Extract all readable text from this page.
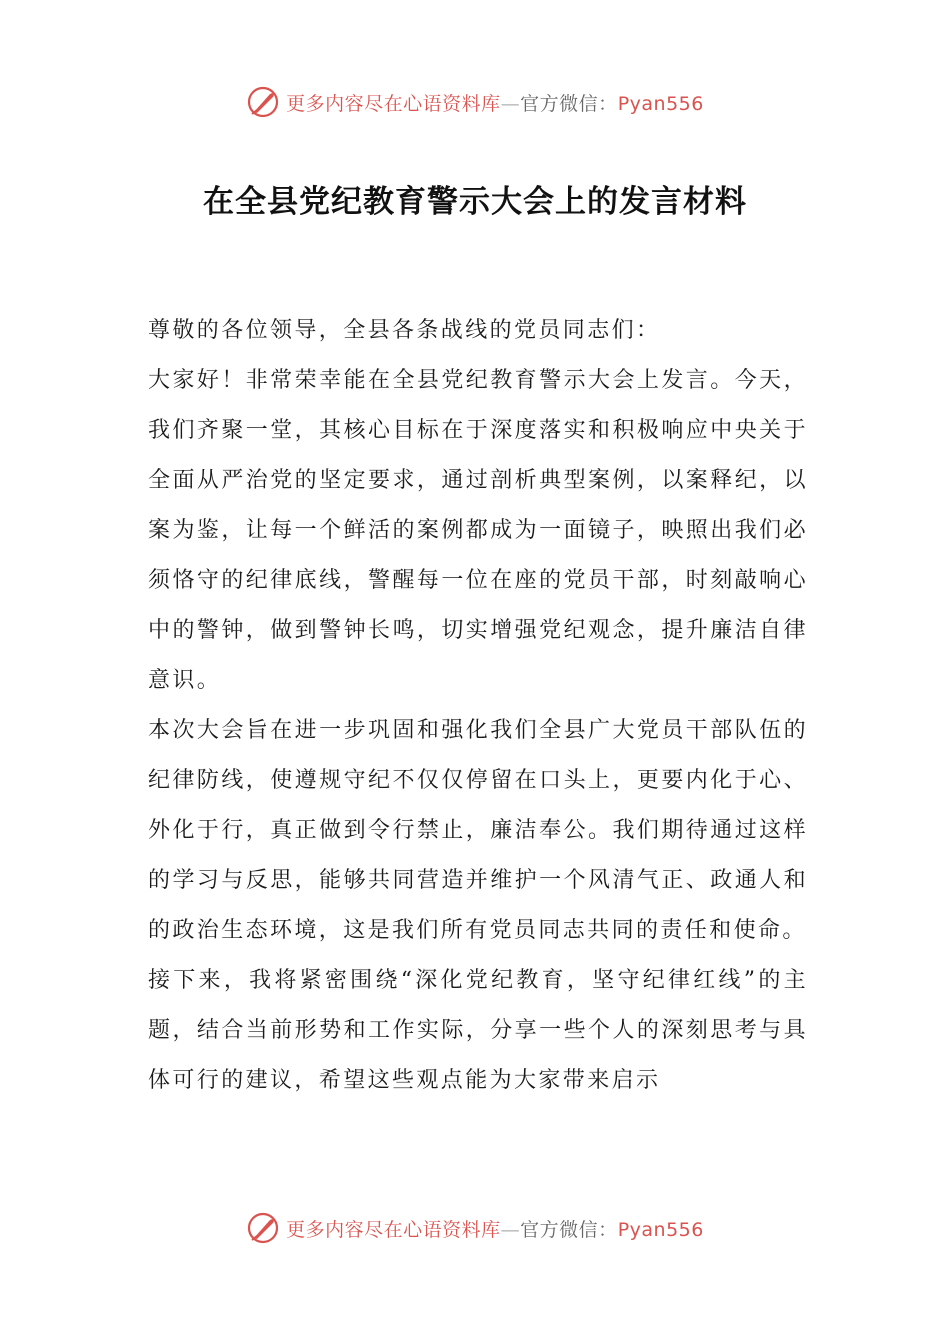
更多内容尽在心语资料库—官方微信：Pyan556
在全县党纪教育警示大会上的发言材料

尊敬的各位领导，全县各条战线的党员同志们：

大家好！非常荣幸能在全县党纪教育警示大会上发言。今天，我们齐聚一堂，其核心目标在于深度落实和积极响应中央关于全面从严治党的坚定要求，通过剖析典型案例，以案释纪，以案为鉴，让每一个鲜活的案例都成为一面镜子，映照出我们必须恪守的纪律底线，警醒每一位在座的党员干部，时刻敲响心中的警钟，做到警钟长鸣，切实增强党纪观念，提升廉洁自律意识。

本次大会旨在进一步巩固和强化我们全县广大党员干部队伍的纪律防线，使遵规守纪不仅仅停留在口头上，更要内化于心、外化于行，真正做到令行禁止，廉洁奉公。我们期待通过这样的学习与反思，能够共同营造并维护一个风清气正、政通人和的政治生态环境，这是我们所有党员同志共同的责任和使命。

接下来，我将紧密围绕“深化党纪教育，坚守纪律红线”的主题，结合当前形势和工作实际，分享一些个人的深刻思考与具体可行的建议，希望这些观点能为大家带来启示

更多内容尽在心语资料库—官方微信：Pyan556
